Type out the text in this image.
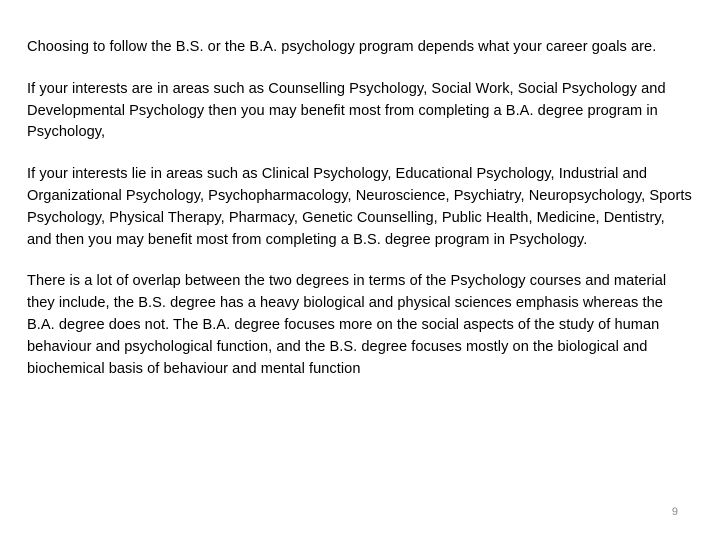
Choosing to follow the B.S. or the B.A. psychology program depends what your career goals are.

If your interests are in areas such as Counselling Psychology, Social Work, Social Psychology and Developmental Psychology then you may benefit most from completing a B.A. degree program in Psychology,

If your interests lie in areas such as Clinical Psychology, Educational Psychology, Industrial and Organizational Psychology, Psychopharmacology, Neuroscience, Psychiatry, Neuropsychology, Sports Psychology, Physical Therapy, Pharmacy, Genetic Counselling, Public Health, Medicine, Dentistry, and then you may benefit most from completing a B.S. degree program in Psychology.

There is a lot of overlap between the two degrees in terms of the Psychology courses and material they include, the B.S. degree has a heavy biological and physical sciences emphasis whereas the B.A. degree does not. The B.A. degree focuses more on the social aspects of the study of human behaviour and psychological function, and the B.S. degree focuses mostly on the biological and biochemical basis of behaviour and mental function

9
